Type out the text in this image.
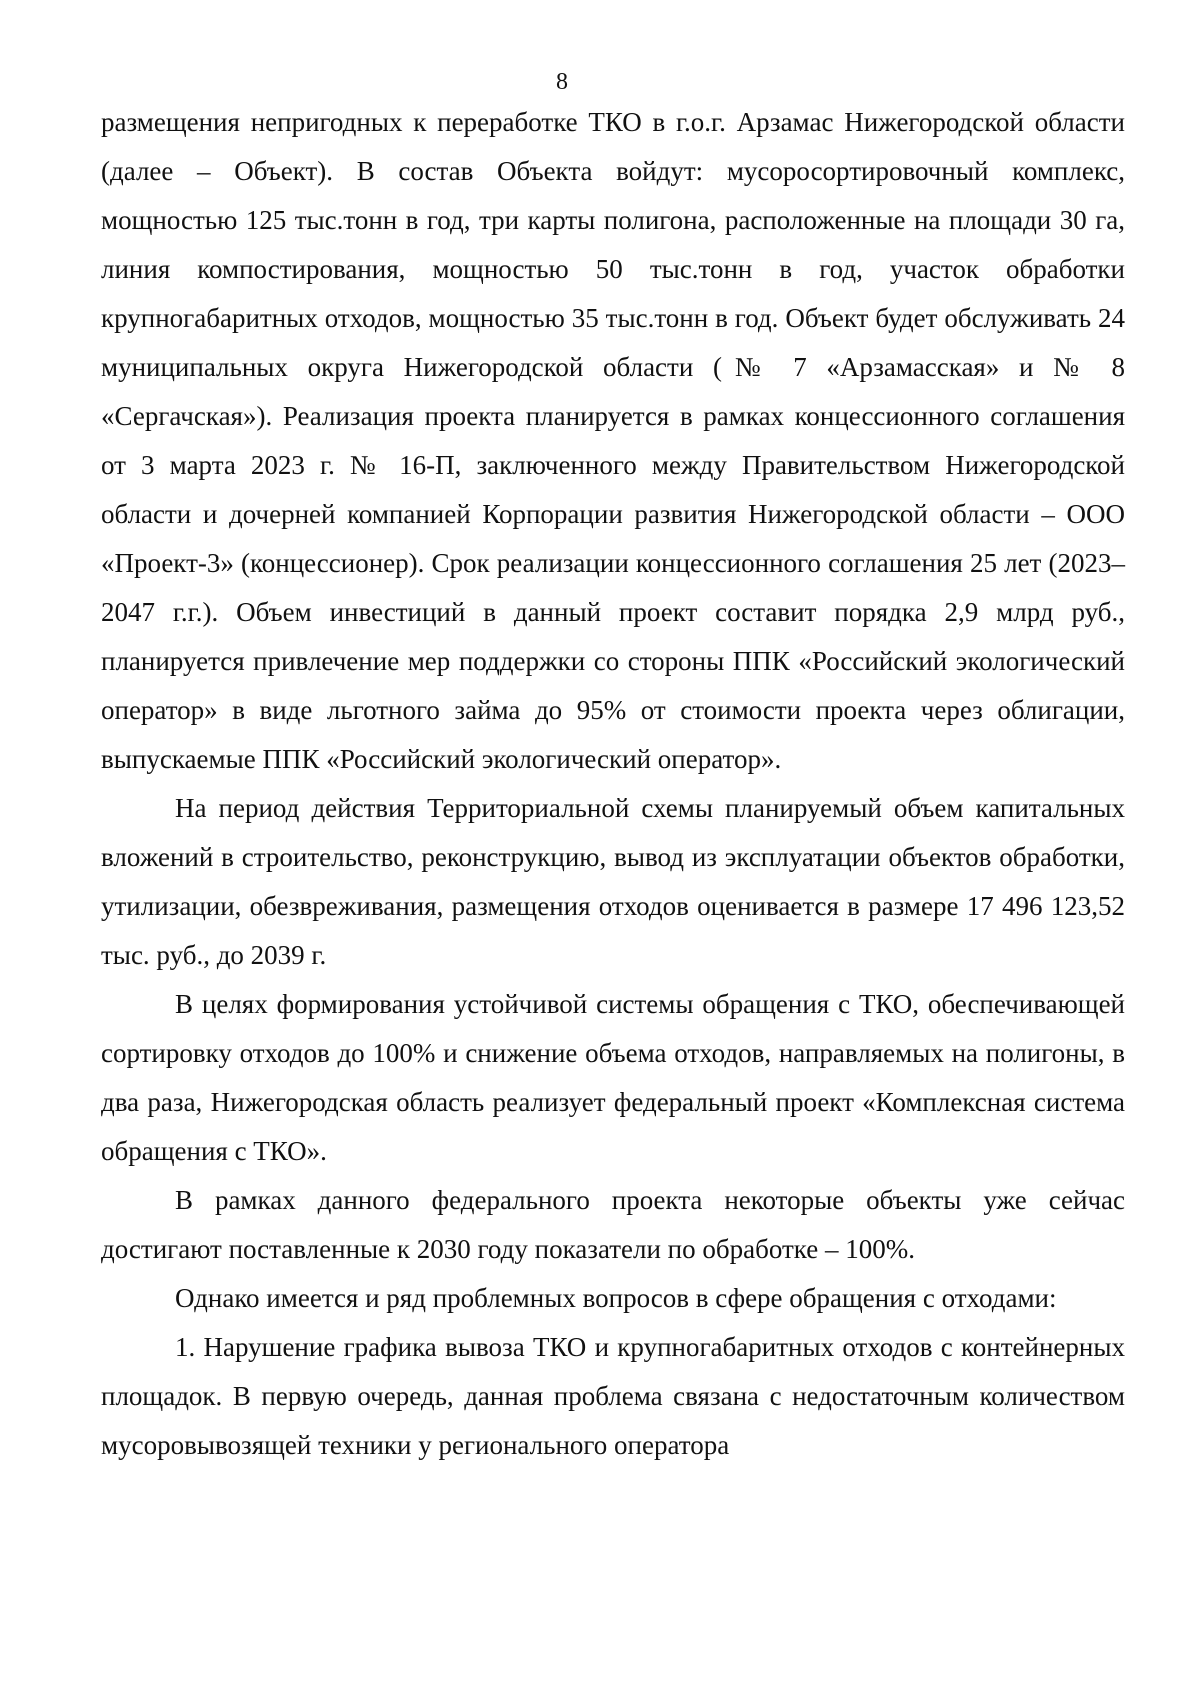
8

размещения непригодных к переработке ТКО в г.о.г. Арзамас Нижегородской области (далее – Объект). В состав Объекта войдут: мусоросортировочный комплекс, мощностью 125 тыс.тонн в год, три карты полигона, расположенные на площади 30 га, линия компостирования, мощностью 50 тыс.тонн в год, участок обработки крупногабаритных отходов, мощностью 35 тыс.тонн в год. Объект будет обслуживать 24 муниципальных округа Нижегородской области (№ 7 «Арзамасская» и № 8 «Сергачская»). Реализация проекта планируется в рамках концессионного соглашения от 3 марта 2023 г. № 16-П, заключенного между Правительством Нижегородской области и дочерней компанией Корпорации развития Нижегородской области – ООО «Проект-3» (концессионер). Срок реализации концессионного соглашения 25 лет (2023–2047 г.г.). Объем инвестиций в данный проект составит порядка 2,9 млрд руб., планируется привлечение мер поддержки со стороны ППК «Российский экологический оператор» в виде льготного займа до 95% от стоимости проекта через облигации, выпускаемые ППК «Российский экологический оператор».

На период действия Территориальной схемы планируемый объем капитальных вложений в строительство, реконструкцию, вывод из эксплуатации объектов обработки, утилизации, обезвреживания, размещения отходов оценивается в размере 17 496 123,52 тыс. руб., до 2039 г.

В целях формирования устойчивой системы обращения с ТКО, обеспечивающей сортировку отходов до 100% и снижение объема отходов, направляемых на полигоны, в два раза, Нижегородская область реализует федеральный проект «Комплексная система обращения с ТКО».

В рамках данного федерального проекта некоторые объекты уже сейчас достигают поставленные к 2030 году показатели по обработке – 100%.

Однако имеется и ряд проблемных вопросов в сфере обращения с отходами:

1. Нарушение графика вывоза ТКО и крупногабаритных отходов с контейнерных площадок. В первую очередь, данная проблема связана с недостаточным количеством мусоровывозящей техники у регионального оператора
